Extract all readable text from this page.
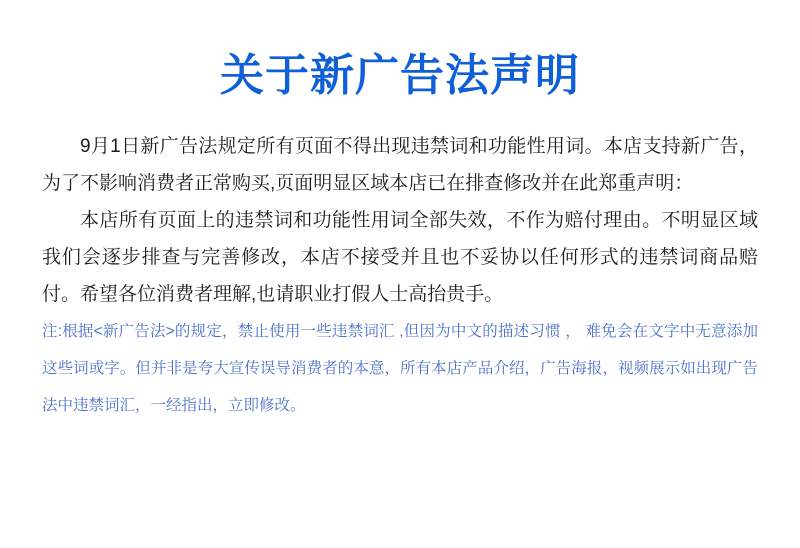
关于新广告法声明

9月1日新广告法规定所有页面不得出现违禁词和功能性用词。本店支持新广告，为了不影响消费者正常购买,页面明显区域本店已在排查修改并在此郑重声明：

本店所有页面上的违禁词和功能性用词全部失效，不作为赔付理由。不明显区域我们会逐步排查与完善修改，本店不接受并且也不妥协以任何形式的违禁词商品赔付。希望各位消费者理解,也请职业打假人士高抬贵手。

注:根据<新广告法>的规定，禁止使用一些违禁词汇 ,但因为中文的描述习惯 ， 难免会在文字中无意添加这些词或字。但并非是夸大宣传误导消费者的本意，所有本店产品介绍，广告海报，视频展示如出现广告法中违禁词汇，一经指出，立即修改。
